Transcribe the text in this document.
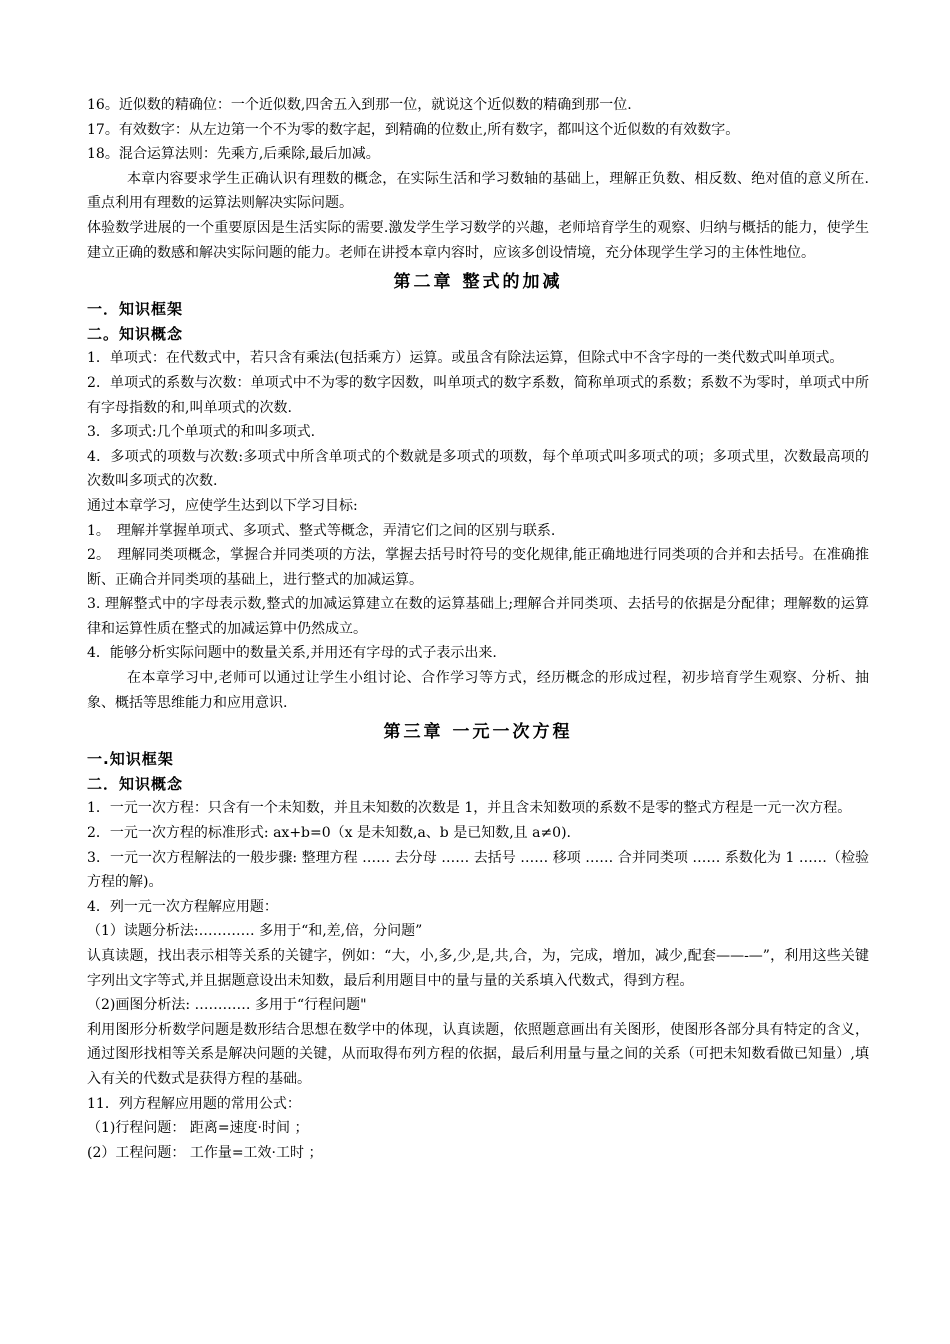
16。近似数的精确位：一个近似数,四舍五入到那一位，就说这个近似数的精确到那一位.

17。有效数字：从左边第一个不为零的数字起，到精确的位数止,所有数字，都叫这个近似数的有效数字。

18。混合运算法则：先乘方,后乘除,最后加减。

本章内容要求学生正确认识有理数的概念，在实际生活和学习数轴的基础上，理解正负数、相反数、绝对值的意义所在.重点利用有理数的运算法则解决实际问题。

体验数学进展的一个重要原因是生活实际的需要.激发学生学习数学的兴趣，老师培育学生的观察、归纳与概括的能力，使学生建立正确的数感和解决实际问题的能力。老师在讲授本章内容时，应该多创设情境，充分体现学生学习的主体性地位。

第二章 整式的加减
一．知识框架
二。知识概念

1．单项式：在代数式中，若只含有乘法(包括乘方）运算。或虽含有除法运算，但除式中不含字母的一类代数式叫单项式。

2．单项式的系数与次数：单项式中不为零的数字因数，叫单项式的数字系数，简称单项式的系数；系数不为零时，单项式中所有字母指数的和,叫单项式的次数.

3．多项式:几个单项式的和叫多项式.

4．多项式的项数与次数:多项式中所含单项式的个数就是多项式的项数，每个单项式叫多项式的项；多项式里，次数最高项的次数叫多项式的次数.

通过本章学习，应使学生达到以下学习目标:

1。　理解并掌握单项式、多项式、整式等概念，弄清它们之间的区别与联系.

2。　理解同类项概念，掌握合并同类项的方法，掌握去括号时符号的变化规律,能正确地进行同类项的合并和去括号。在准确推断、正确合并同类项的基础上，进行整式的加减运算。

3. 理解整式中的字母表示数,整式的加减运算建立在数的运算基础上;理解合并同类项、去括号的依据是分配律；理解数的运算律和运算性质在整式的加减运算中仍然成立。

4．能够分析实际问题中的数量关系,并用还有字母的式子表示出来.

在本章学习中,老师可以通过让学生小组讨论、合作学习等方式，经历概念的形成过程，初步培育学生观察、分析、抽象、概括等思维能力和应用意识.

第三章 一元一次方程
一.知识框架
二．知识概念

1．一元一次方程：只含有一个未知数，并且未知数的次数是 1，并且含未知数项的系数不是零的整式方程是一元一次方程。

2．一元一次方程的标准形式: ax+b=0（x 是未知数,a、b 是已知数,且 a≠0).

3．一元一次方程解法的一般步骤: 整理方程 …… 去分母 …… 去括号 …… 移项 …… 合并同类项 …… 系数化为 1 ……（检验方程的解)。

4．列一元一次方程解应用题：

（1）读题分析法:………… 多用于“和,差,倍，分问题”

认真读题，找出表示相等关系的关键字，例如：“大，小,多,少,是,共,合，为，完成，增加，减少,配套——-—”，利用这些关键字列出文字等式,并且据题意设出未知数，最后利用题目中的量与量的关系填入代数式，得到方程。

（2)画图分析法: ………… 多用于“行程问题"

利用图形分析数学问题是数形结合思想在数学中的体现，认真读题，依照题意画出有关图形，使图形各部分具有特定的含义，通过图形找相等关系是解决问题的关键，从而取得布列方程的依据，最后利用量与量之间的关系（可把未知数看做已知量）,填入有关的代数式是获得方程的基础。

11．列方程解应用题的常用公式：

（1)行程问题： 距离=速度·时间 ；

(2）工程问题： 工作量=工效·工时 ；
